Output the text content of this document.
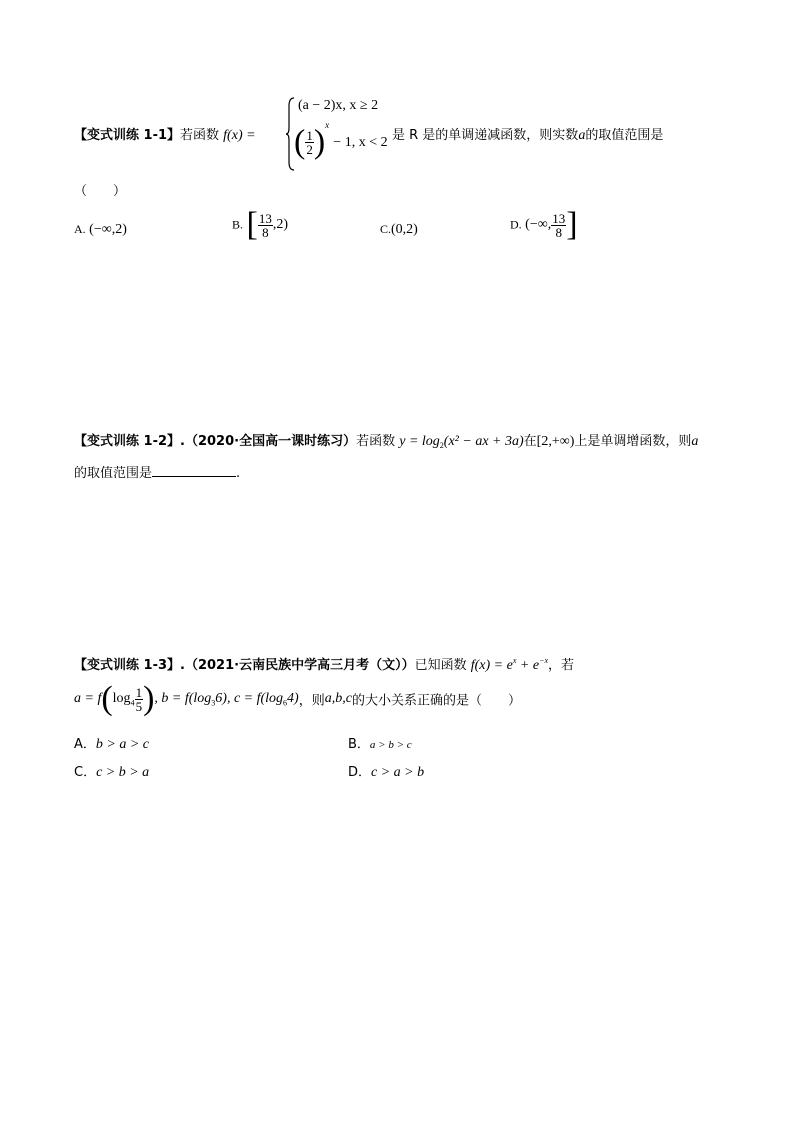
(a − 2)x, x ≥ 2
( $\frac{1}{2} )^x - 1$, x < 2
【变式训练 1-1】若函数 f(x) =	是 R 是的单调递减函数，则实数a的取值范围是
（　　）
A. (−∞,2)	B. [ $\frac{13}{8} ,2$)	C.(0,2)	D. (−∞, $\frac{13}{8}$ ]
【变式训练 1-2】.（2020·全国高一课时练习）若函数 $y = \log_2(x^2$ − ax + 3a)在[2,+∞)上是单调增函数，则a
的取值范围是	.
【变式训练 1-3】.（2021·云南民族中学高三月考（文））已知函数 $f(x) = e^x + e^{-x}$，若
$a = f(\log_4 \frac{1}{5}$ ), $b = f(\log_36)$, $c = f(\log_64)$，则a,b,c的大小关系正确的是（　　）
A．b > a > c	B．a > b > c
C．c > b > a	D．c > a > b
